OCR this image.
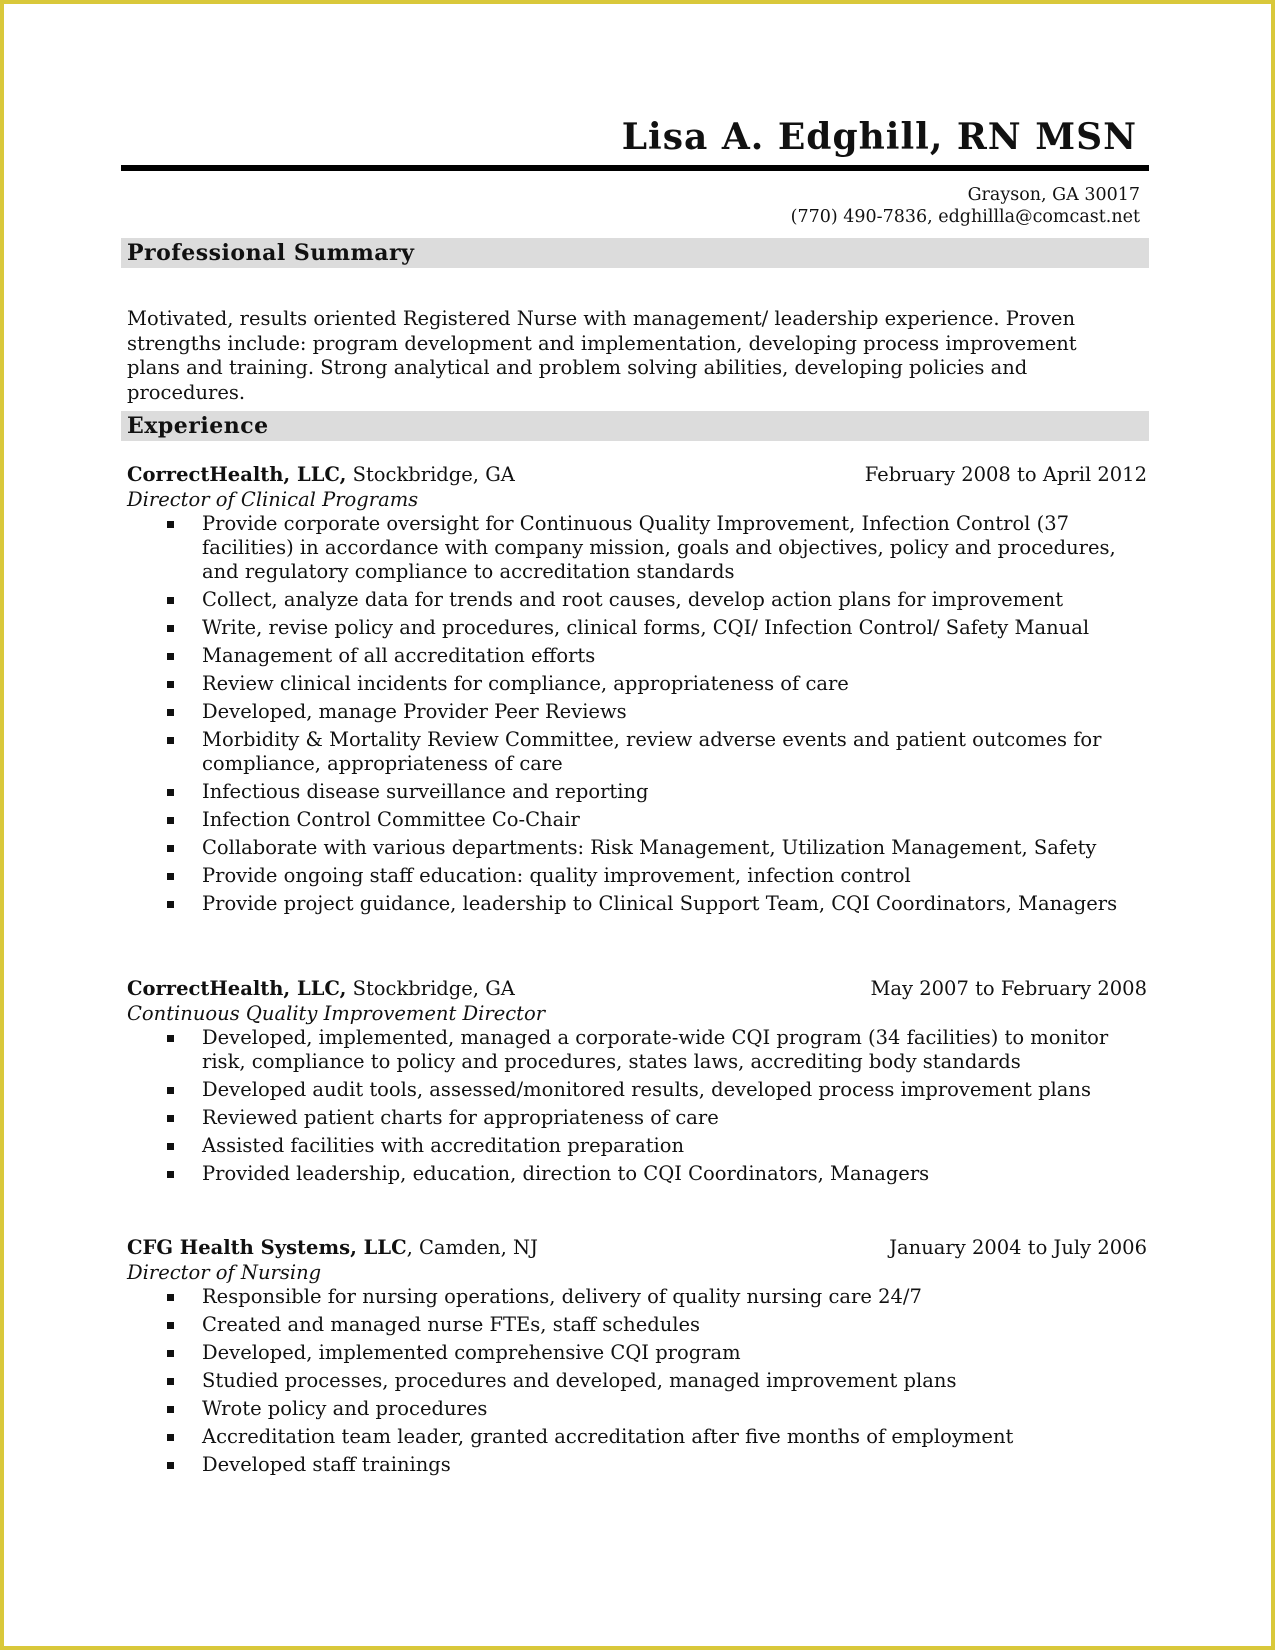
Lisa A. Edghill, RN MSN
Grayson, GA 30017
(770) 490-7836, edghillla@comcast.net
Professional Summary

Motivated, results oriented Registered Nurse with management/ leadership experience. Proven strengths include: program development and implementation, developing process improvement plans and training. Strong analytical and problem solving abilities, developing policies and procedures.

Experience
CorrectHealth, LLC, Stockbridge, GA	February 2008 to April 2012

Director of Clinical Programs

Provide corporate oversight for Continuous Quality Improvement, Infection Control (37 facilities) in accordance with company mission, goals and objectives, policy and procedures, and regulatory compliance to accreditation standards
Collect, analyze data for trends and root causes, develop action plans for improvement
Write, revise policy and procedures, clinical forms, CQI/ Infection Control/ Safety Manual
Management of all accreditation efforts
Review clinical incidents for compliance, appropriateness of care
Developed, manage Provider Peer Reviews
Morbidity & Mortality Review Committee, review adverse events and patient outcomes for compliance, appropriateness of care
Infectious disease surveillance and reporting
Infection Control Committee Co-Chair
Collaborate with various departments: Risk Management, Utilization Management, Safety
Provide ongoing staff education: quality improvement, infection control
Provide project guidance, leadership to Clinical Support Team, CQI Coordinators, Managers
CorrectHealth, LLC, Stockbridge, GA	May 2007 to February 2008

Continuous Quality Improvement Director

Developed, implemented, managed a corporate-wide CQI program (34 facilities) to monitor risk, compliance to policy and procedures, states laws, accrediting body standards
Developed audit tools, assessed/monitored results, developed process improvement plans
Reviewed patient charts for appropriateness of care
Assisted facilities with accreditation preparation
Provided leadership, education, direction to CQI Coordinators, Managers
CFG Health Systems, LLC, Camden, NJ	January 2004 to July 2006

Director of Nursing

Responsible for nursing operations, delivery of quality nursing care 24/7
Created and managed nurse FTEs, staff schedules
Developed, implemented comprehensive CQI program
Studied processes, procedures and developed, managed improvement plans
Wrote policy and procedures
Accreditation team leader, granted accreditation after five months of employment
Developed staff trainings
